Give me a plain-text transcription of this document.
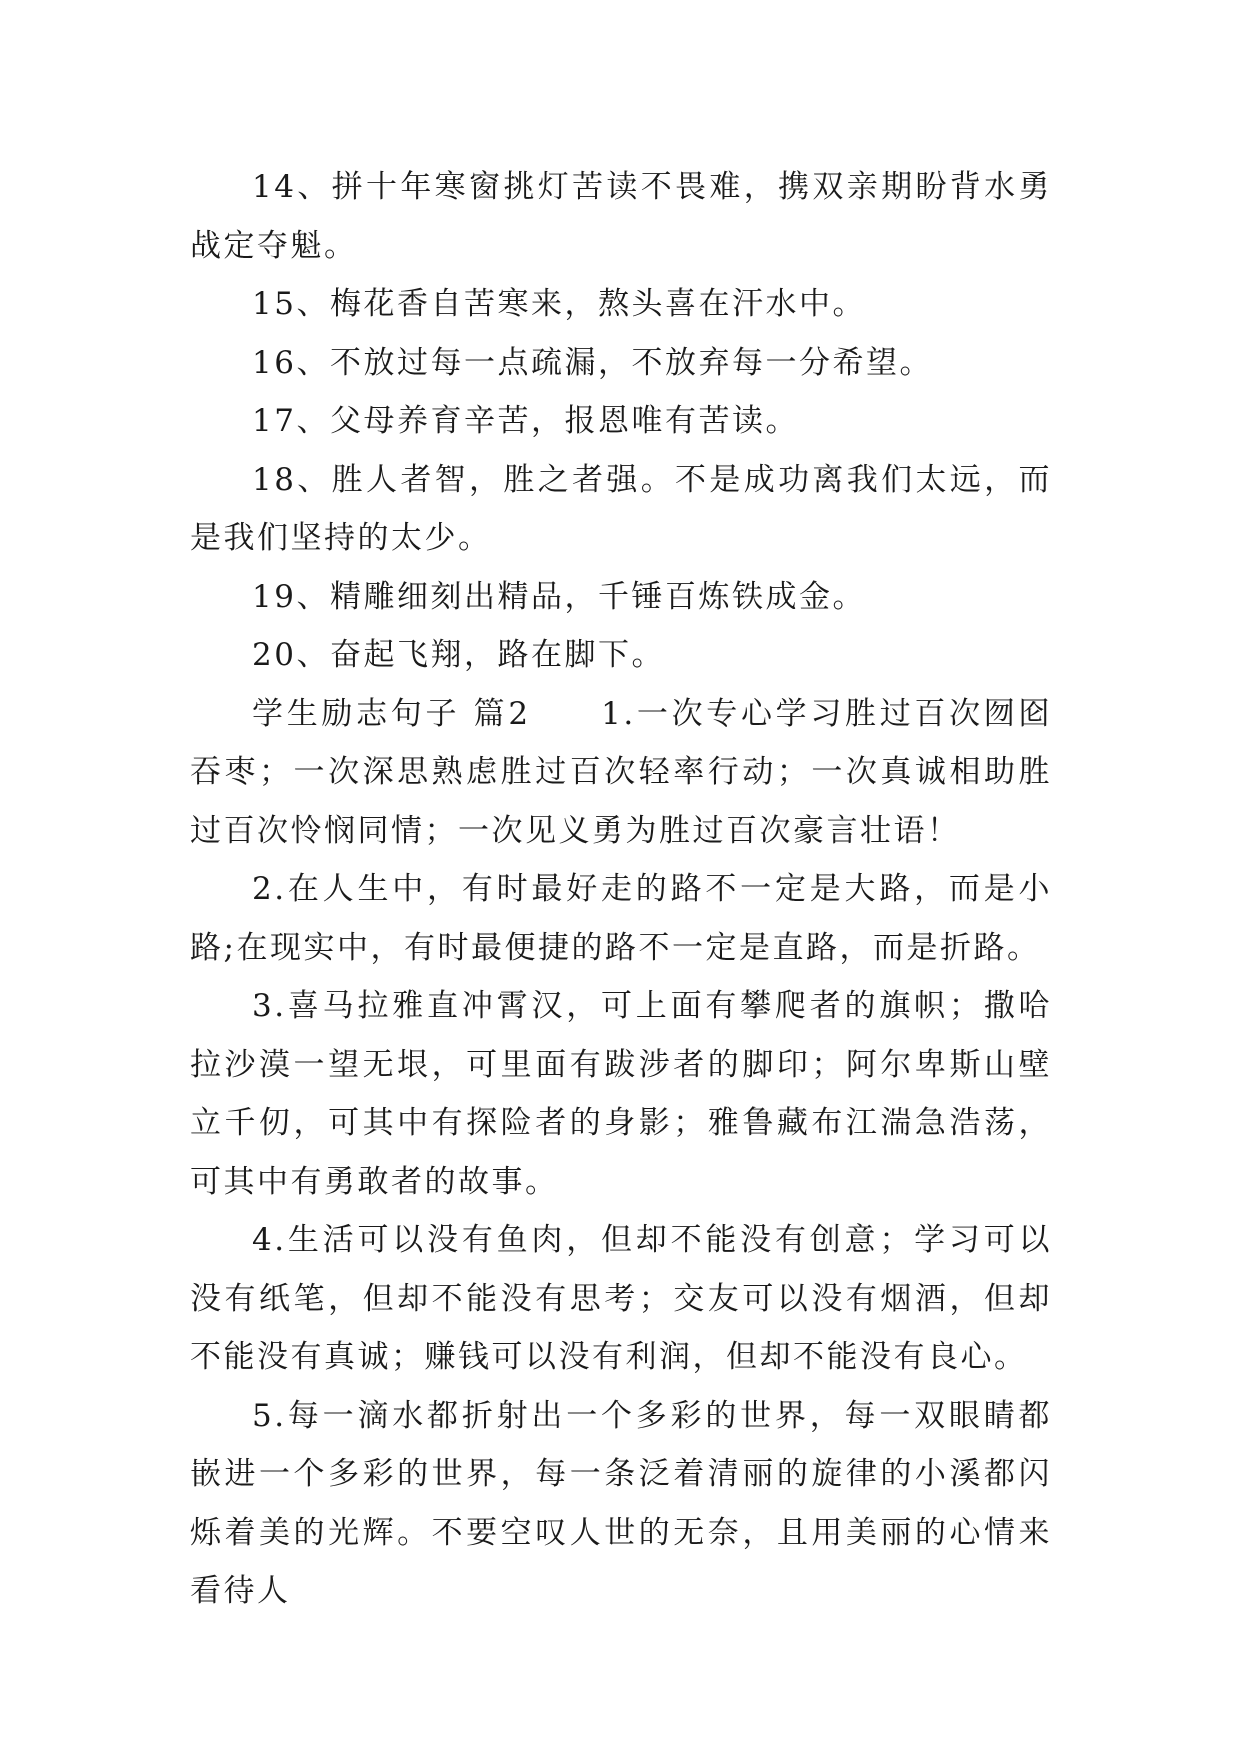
14、拼十年寒窗挑灯苦读不畏难，携双亲期盼背水勇战定夺魁。

15、梅花香自苦寒来，熬头喜在汗水中。

16、不放过每一点疏漏，不放弃每一分希望。

17、父母养育辛苦，报恩唯有苦读。

18、胜人者智，胜之者强。不是成功离我们太远，而是我们坚持的太少。

19、精雕细刻出精品，千锤百炼铁成金。

20、奋起飞翔，路在脚下。

学生励志句子 篇2　　1.一次专心学习胜过百次囫囵吞枣；一次深思熟虑胜过百次轻率行动；一次真诚相助胜过百次怜悯同情；一次见义勇为胜过百次豪言壮语！

2.在人生中，有时最好走的路不一定是大路，而是小路;在现实中，有时最便捷的路不一定是直路，而是折路。

3.喜马拉雅直冲霄汉，可上面有攀爬者的旗帜；撒哈拉沙漠一望无垠，可里面有跋涉者的脚印；阿尔卑斯山壁立千仞，可其中有探险者的身影；雅鲁藏布江湍急浩荡，可其中有勇敢者的故事。

4.生活可以没有鱼肉，但却不能没有创意；学习可以没有纸笔，但却不能没有思考；交友可以没有烟酒，但却不能没有真诚；赚钱可以没有利润，但却不能没有良心。

5.每一滴水都折射出一个多彩的世界，每一双眼睛都嵌进一个多彩的世界，每一条泛着清丽的旋律的小溪都闪烁着美的光辉。不要空叹人世的无奈，且用美丽的心情来看待人
